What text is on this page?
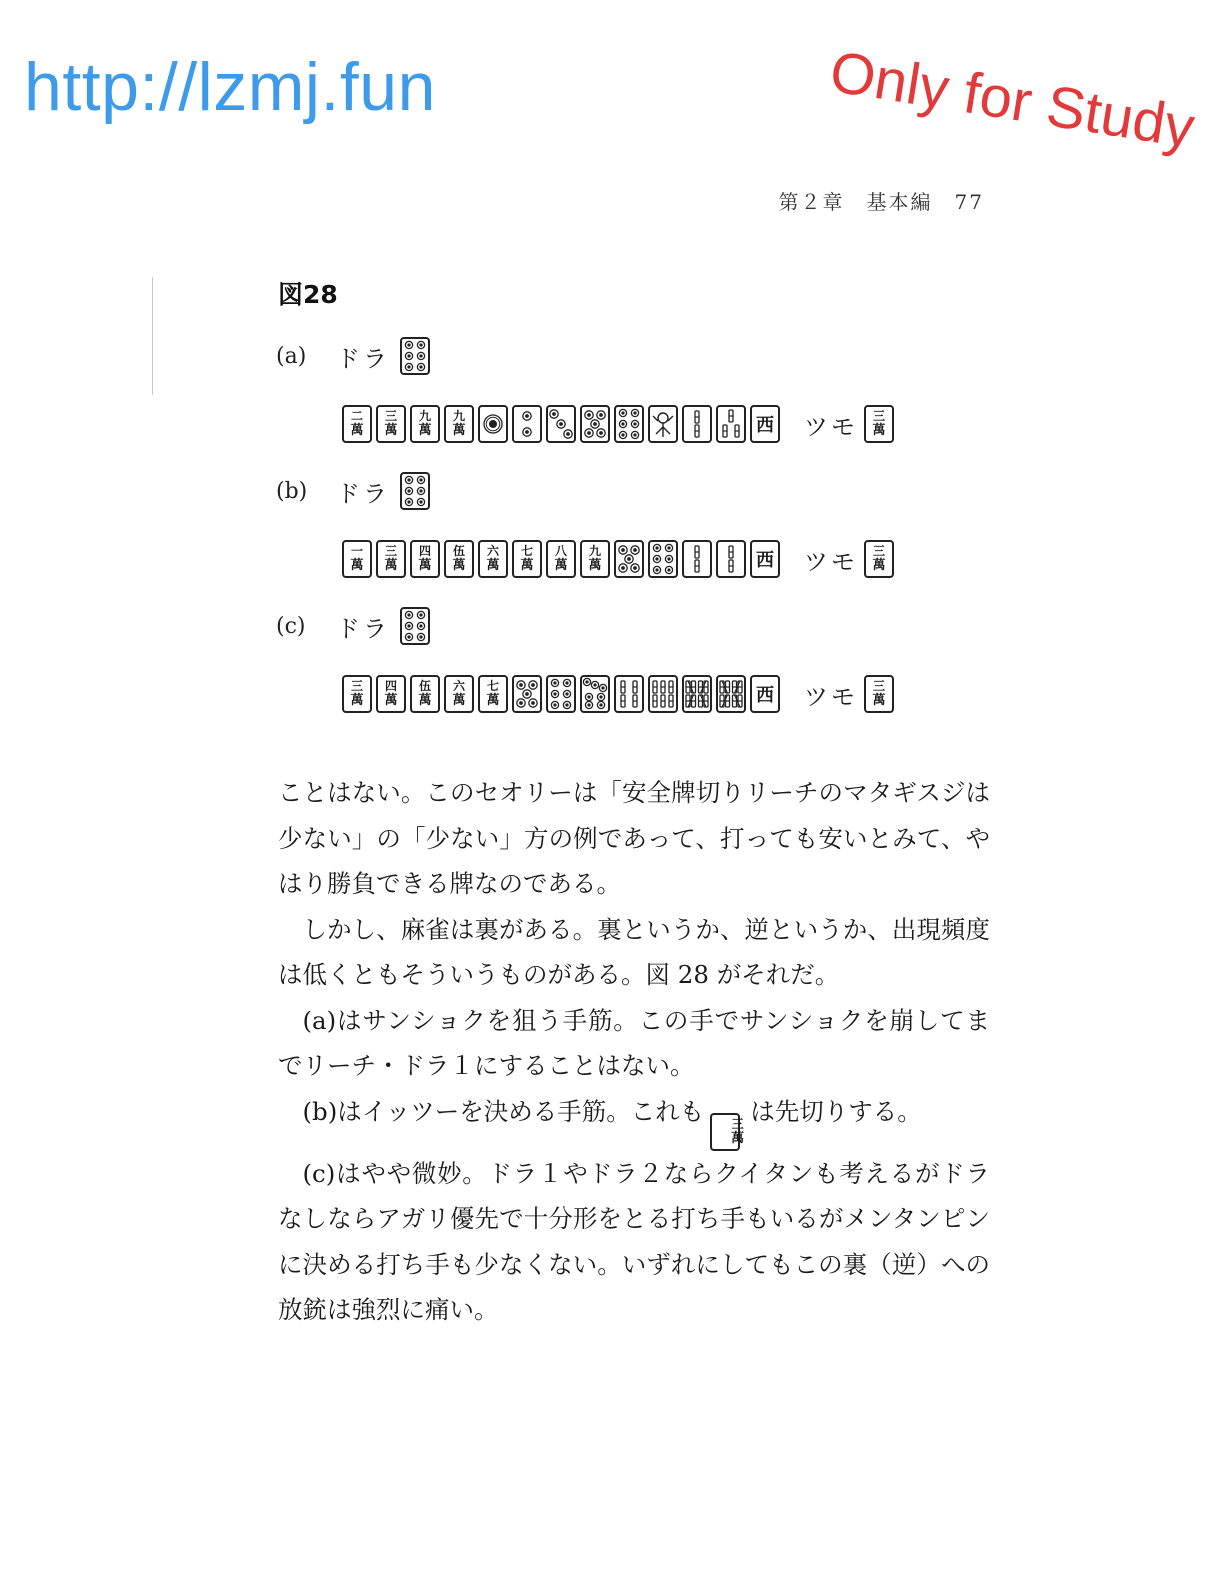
http://lzmj.fun	Only for Study
第２章　基本編　77
図28
(a)	ドラ
二
萬
三
萬
九
萬
九
萬	西 ツモ 三
萬
(b)	ドラ
一
萬
三
萬
四
萬
伍
萬
六
萬
七
萬
八
萬
九
萬	西 ツモ 三
萬
(c)	ドラ
三
萬
四
萬
伍
萬
六
萬
七
萬	西 ツモ 三
萬

ことはない。このセオリーは「安全牌切りリーチのマタギスジは少ない」の「少ない」方の例であって、打っても安いとみて、やはり勝負できる牌なのである。

しかし、麻雀は裏がある。裏というか、逆というか、出現頻度は低くともそういうものがある。図 28 がそれだ。

(a)はサンショクを狙う手筋。この手でサンショクを崩してまでリーチ・ドラ１にすることはない。

(b)はイッツーを決める手筋。これも	三
萬
は先切りする。

(c)はやや微妙。ドラ１やドラ２ならクイタンも考えるがドラなしならアガリ優先で十分形をとる打ち手もいるがメンタンピンに決める打ち手も少なくない。いずれにしてもこの裏（逆）への放銃は強烈に痛い。
